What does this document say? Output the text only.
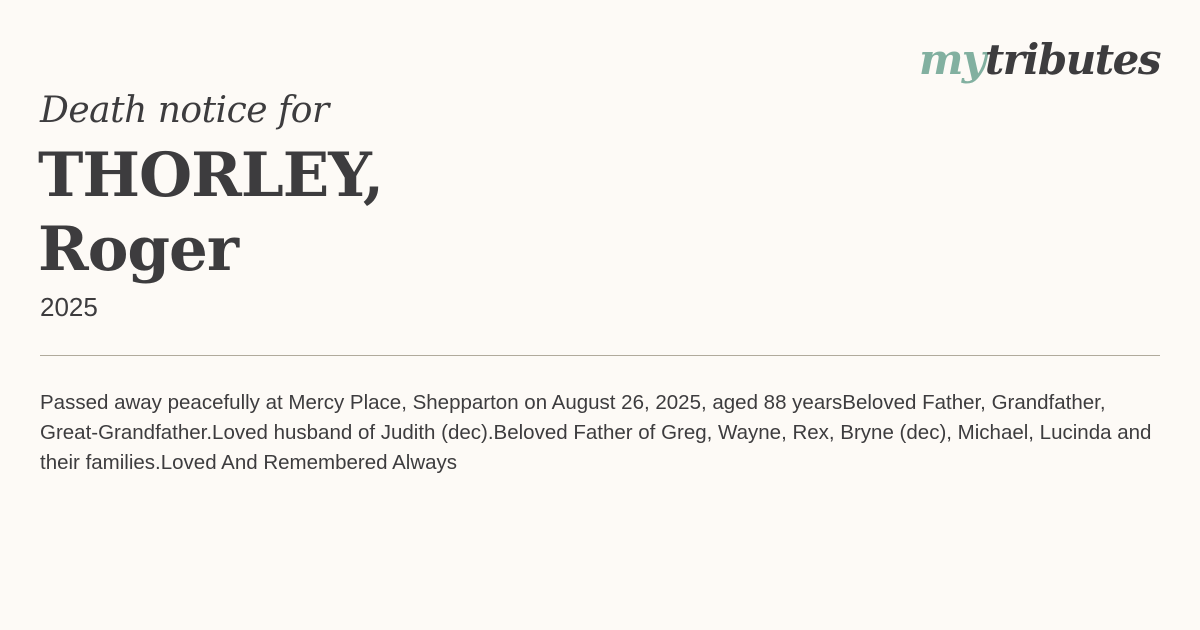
mytributes
Death notice for
THORLEY,
Roger
2025
Passed away peacefully at Mercy Place, Shepparton on August 26, 2025, aged 88 yearsBeloved Father, Grandfather, Great-Grandfather.Loved husband of Judith (dec).Beloved Father of Greg, Wayne, Rex, Bryne (dec), Michael, Lucinda and their families.Loved And Remembered Always
